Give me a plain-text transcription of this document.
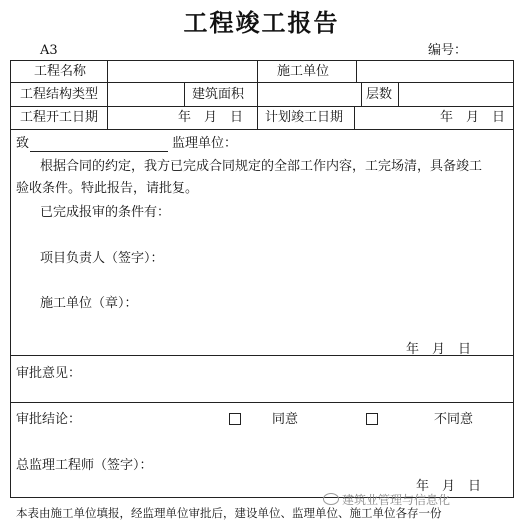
工程竣工报告
A3	编号：
工程名称	施工单位
工程结构类型	建筑面积	层数
工程开工日期	年　月　日 计划竣工日期	年　月　日
致	监理单位：
根据合同的约定，我方已完成合同规定的全部工作内容，工完场清，具备竣工
验收条件。特此报告，请批复。
已完成报审的条件有：
项目负责人（签字）：
施工单位（章）：
年　月　日
审批意见：
审批结论：	同意	不同意
总监理工程师（签字）：
年　月　日
建筑业管理与信息化
本表由施工单位填报，经监理单位审批后，建设单位、监理单位、施工单位各存一份
